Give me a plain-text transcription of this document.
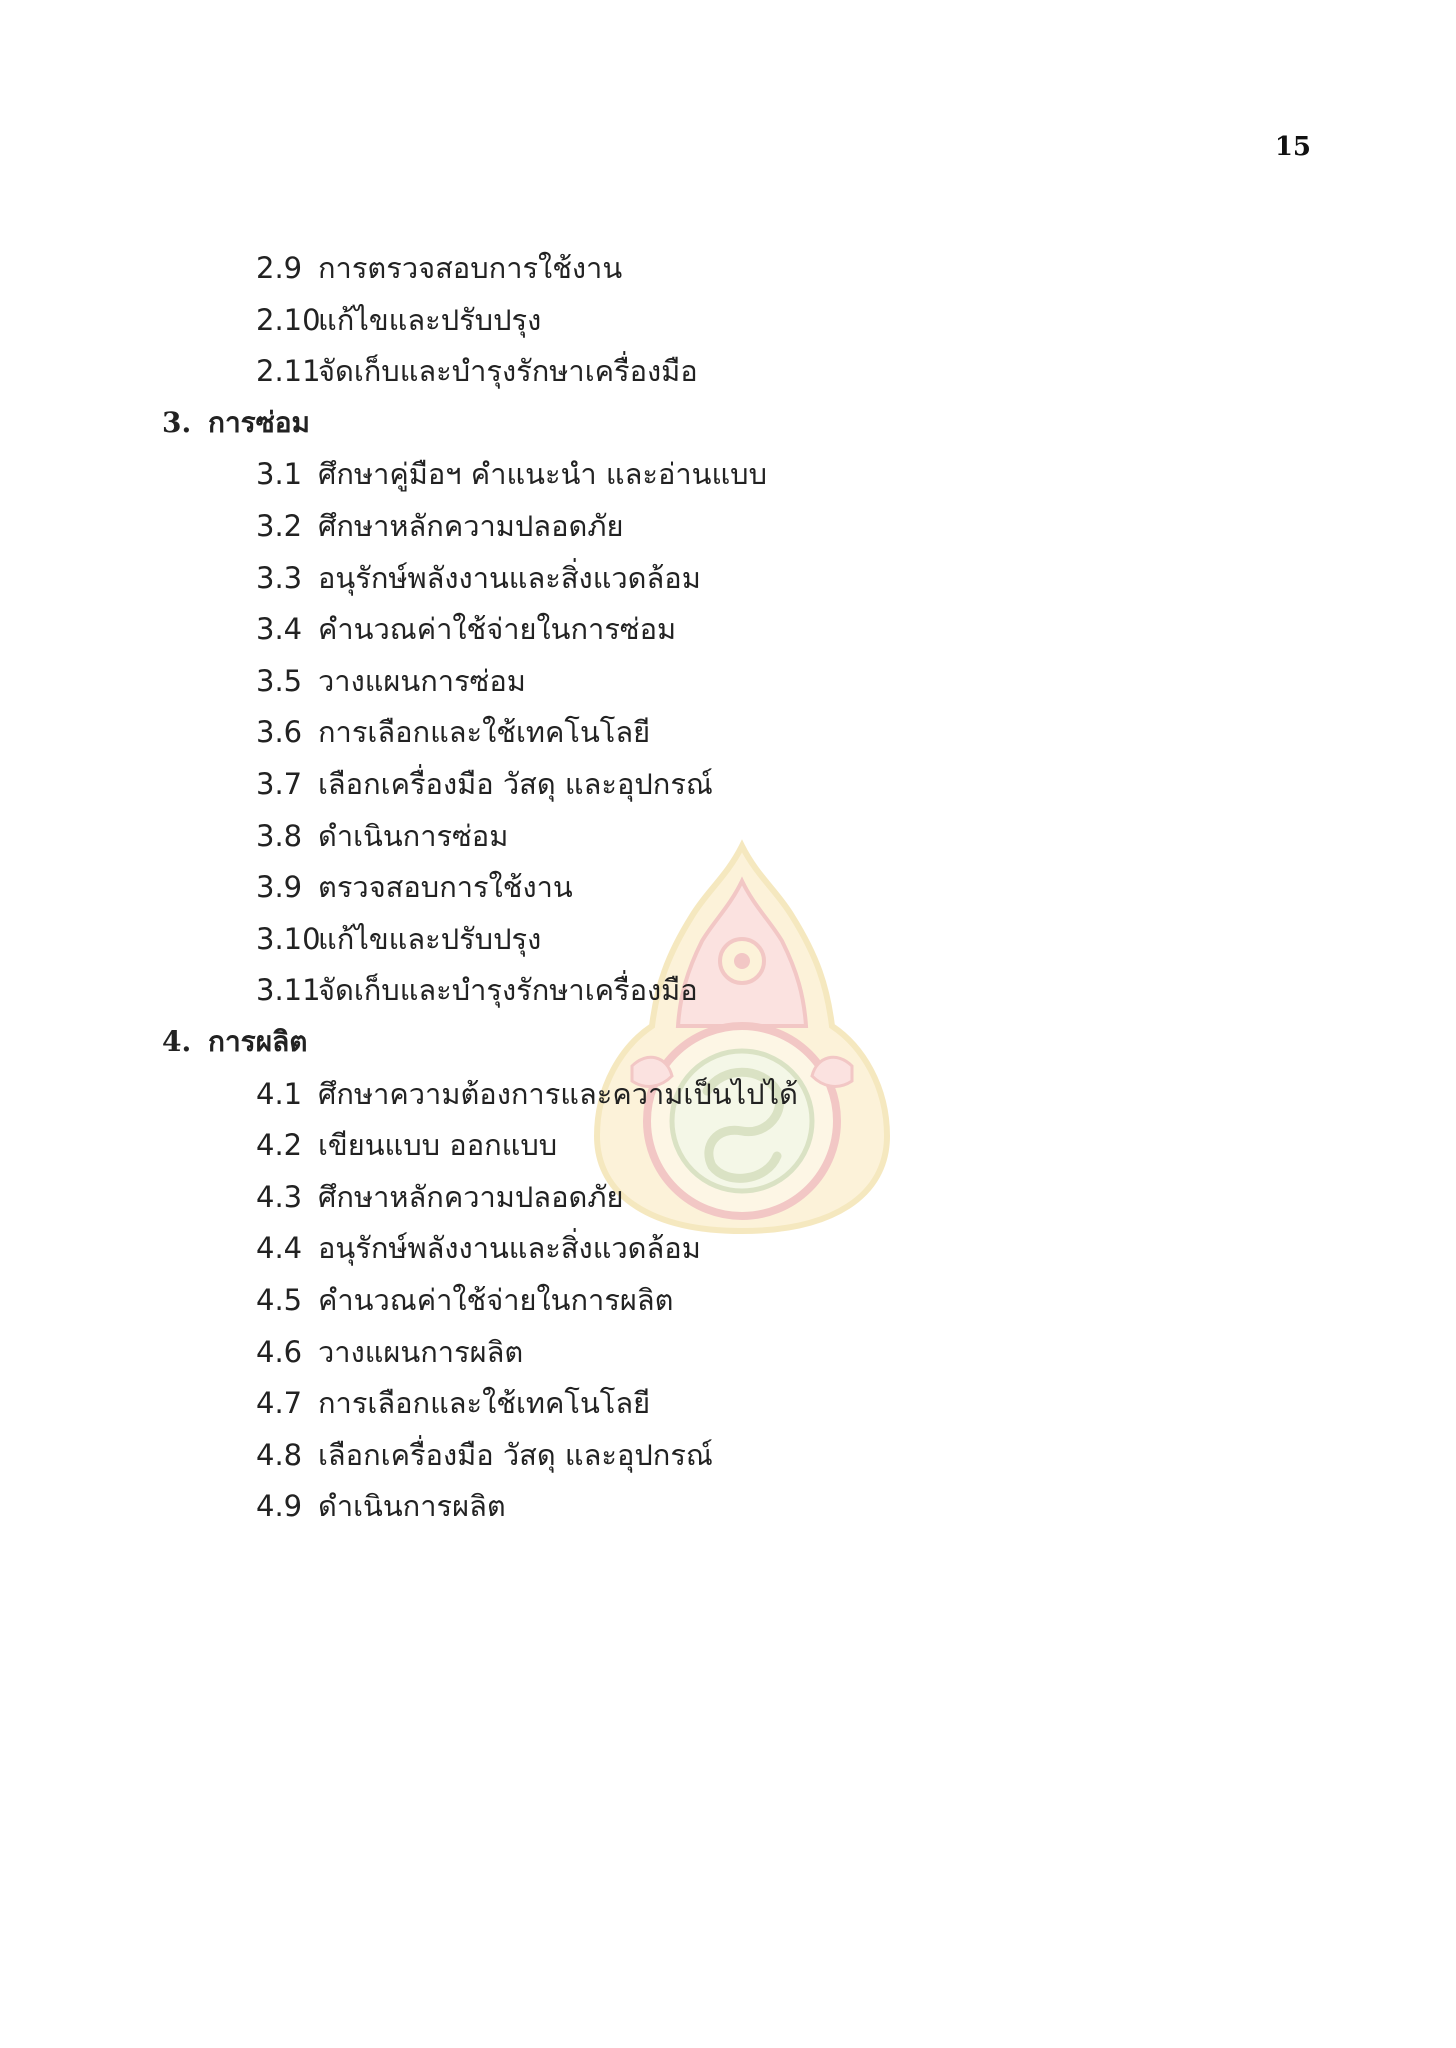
15
2.9 การตรวจสอบการใช้งาน
2.10
แก้ไขและปรับปรุง
2.11
จัดเก็บและบำรุงรักษาเครื่องมือ
3. การซ่อม
3.1 ศึกษาคู่มือฯ คำแนะนำ และอ่านแบบ
3.2 ศึกษาหลักความปลอดภัย
3.3 อนุรักษ์พลังงานและสิ่งแวดล้อม
3.4 คำนวณค่าใช้จ่ายในการซ่อม
3.5 วางแผนการซ่อม
3.6 การเลือกและใช้เทคโนโลยี
3.7 เลือกเครื่องมือ วัสดุ และอุปกรณ์
3.8 ดำเนินการซ่อม
3.9 ตรวจสอบการใช้งาน
3.10
แก้ไขและปรับปรุง
3.11
จัดเก็บและบำรุงรักษาเครื่องมือ
4. การผลิต
4.1 ศึกษาความต้องการและความเป็นไปได้
4.2 เขียนแบบ ออกแบบ
4.3 ศึกษาหลักความปลอดภัย
4.4 อนุรักษ์พลังงานและสิ่งแวดล้อม
4.5 คำนวณค่าใช้จ่ายในการผลิต
4.6 วางแผนการผลิต
4.7 การเลือกและใช้เทคโนโลยี
4.8 เลือกเครื่องมือ วัสดุ และอุปกรณ์
4.9 ดำเนินการผลิต
